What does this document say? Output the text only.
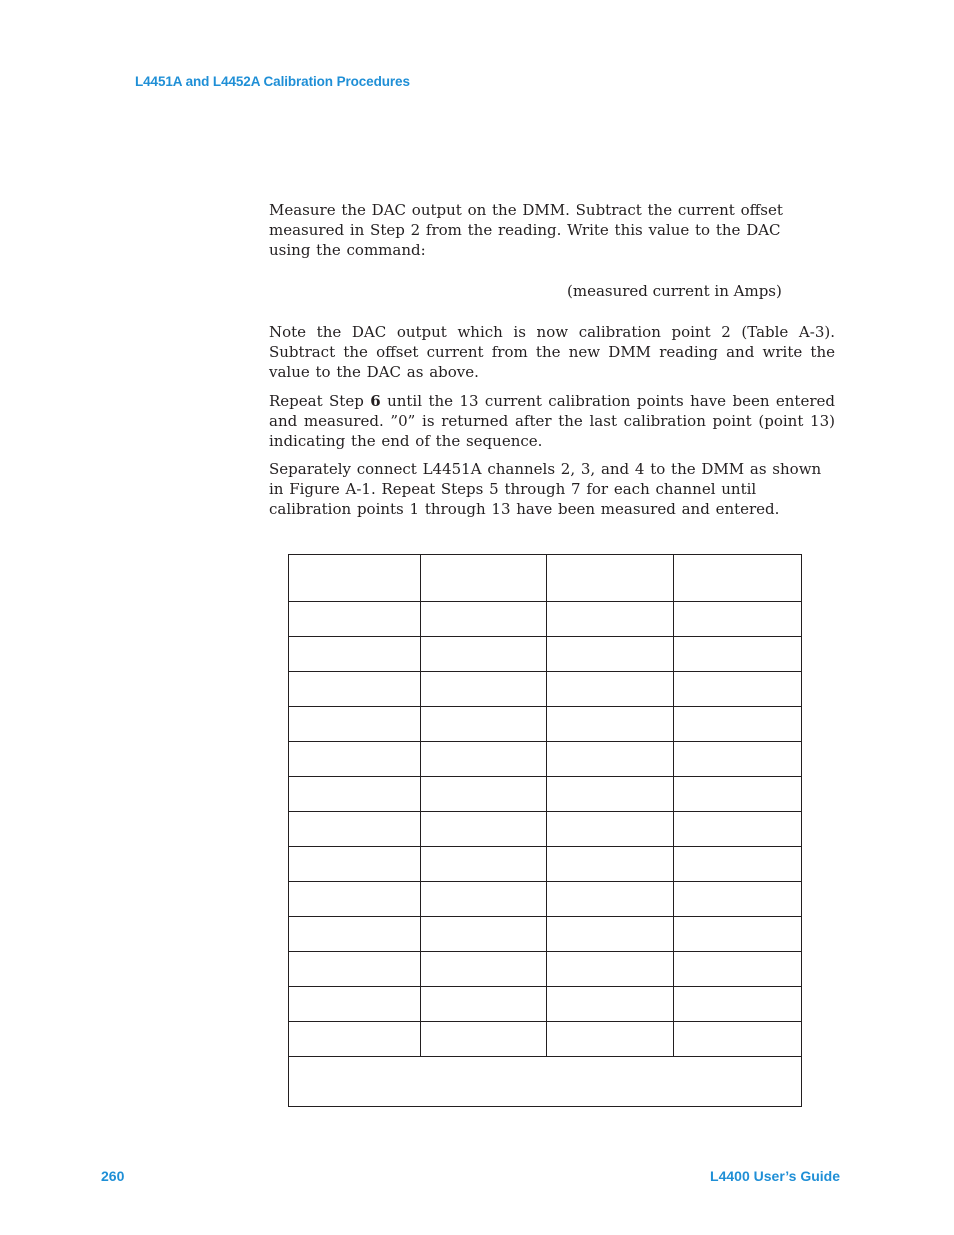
L4451A and L4452A Calibration Procedures
Measure the DAC output on the DMM. Subtract the current offset measured in Step 2 from the reading. Write this value to the DAC using the command:
(measured current in Amps)
Note the DAC output which is now calibration point 2 (Table A-3). Subtract the offset current from the new DMM reading and write the value to the DAC as above.
Repeat Step 6 until the 13 current calibration points have been entered and measured. ”0” is returned after the last calibration point (point 13) indicating the end of the sequence.
Separately connect L4451A channels 2, 3, and 4 to the DMM as shown in Figure A-1. Repeat Steps 5 through 7 for each channel until calibration points 1 through 13 have been measured and entered.

260	L4400 User’s Guide
